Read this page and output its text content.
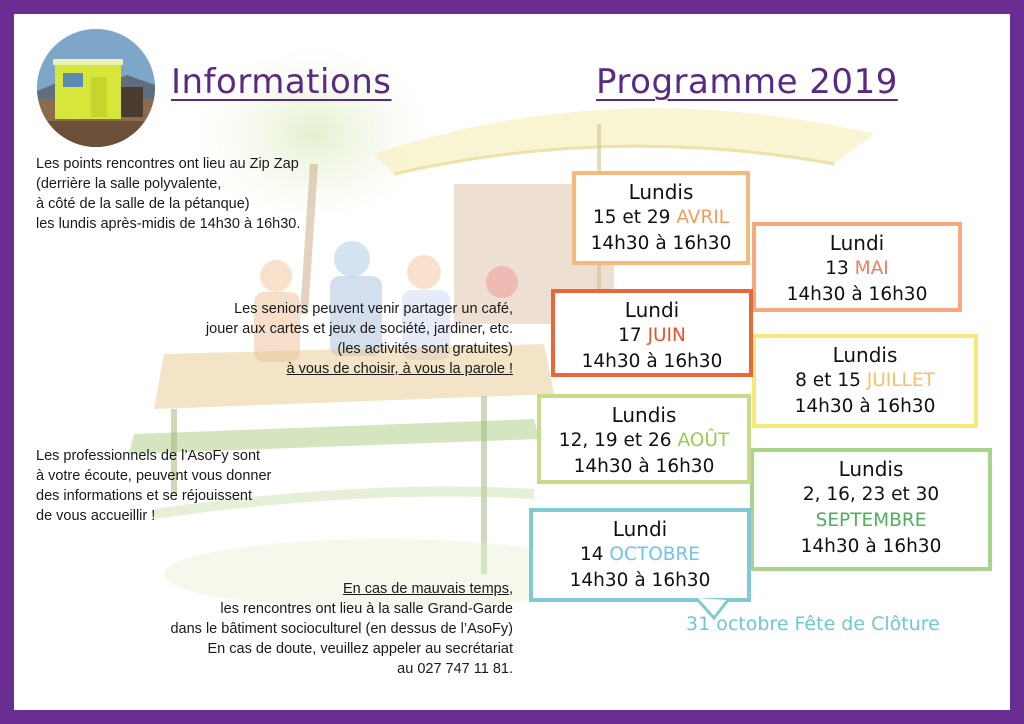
Informations	Programme 2019
Les points rencontres ont lieu au Zip Zap
(derrière la salle polyvalente,
à côté de la salle de la pétanque)
les lundis après-midis de 14h30 à 16h30.
Les seniors peuvent venir partager un café,
jouer aux cartes et jeux de société, jardiner, etc.
(les activités sont gratuites)
à vous de choisir, à vous la parole !
Les professionnels de l’AsoFy sont
à votre écoute, peuvent vous donner
des informations et se réjouissent
de vous accueillir !
En cas de mauvais temps,
les rencontres ont lieu à la salle Grand-Garde
dans le bâtiment socioculturel (en dessus de l’AsoFy)
En cas de doute, veuillez appeler au secrétariat
au 027 747 11 81.
Lundi
13 MAI
14h30 à 16h30
Lundis
15 et 29 AVRIL
14h30 à 16h30
Lundis
8 et 15 JUILLET
14h30 à 16h30
Lundi
17 JUIN
14h30 à 16h30
Lundis
2, 16, 23 et 30
SEPTEMBRE
14h30 à 16h30
Lundis
12, 19 et 26 AOÛT
14h30 à 16h30
Lundi
14 OCTOBRE
14h30 à 16h30
31 octobre Fête de Clôture
